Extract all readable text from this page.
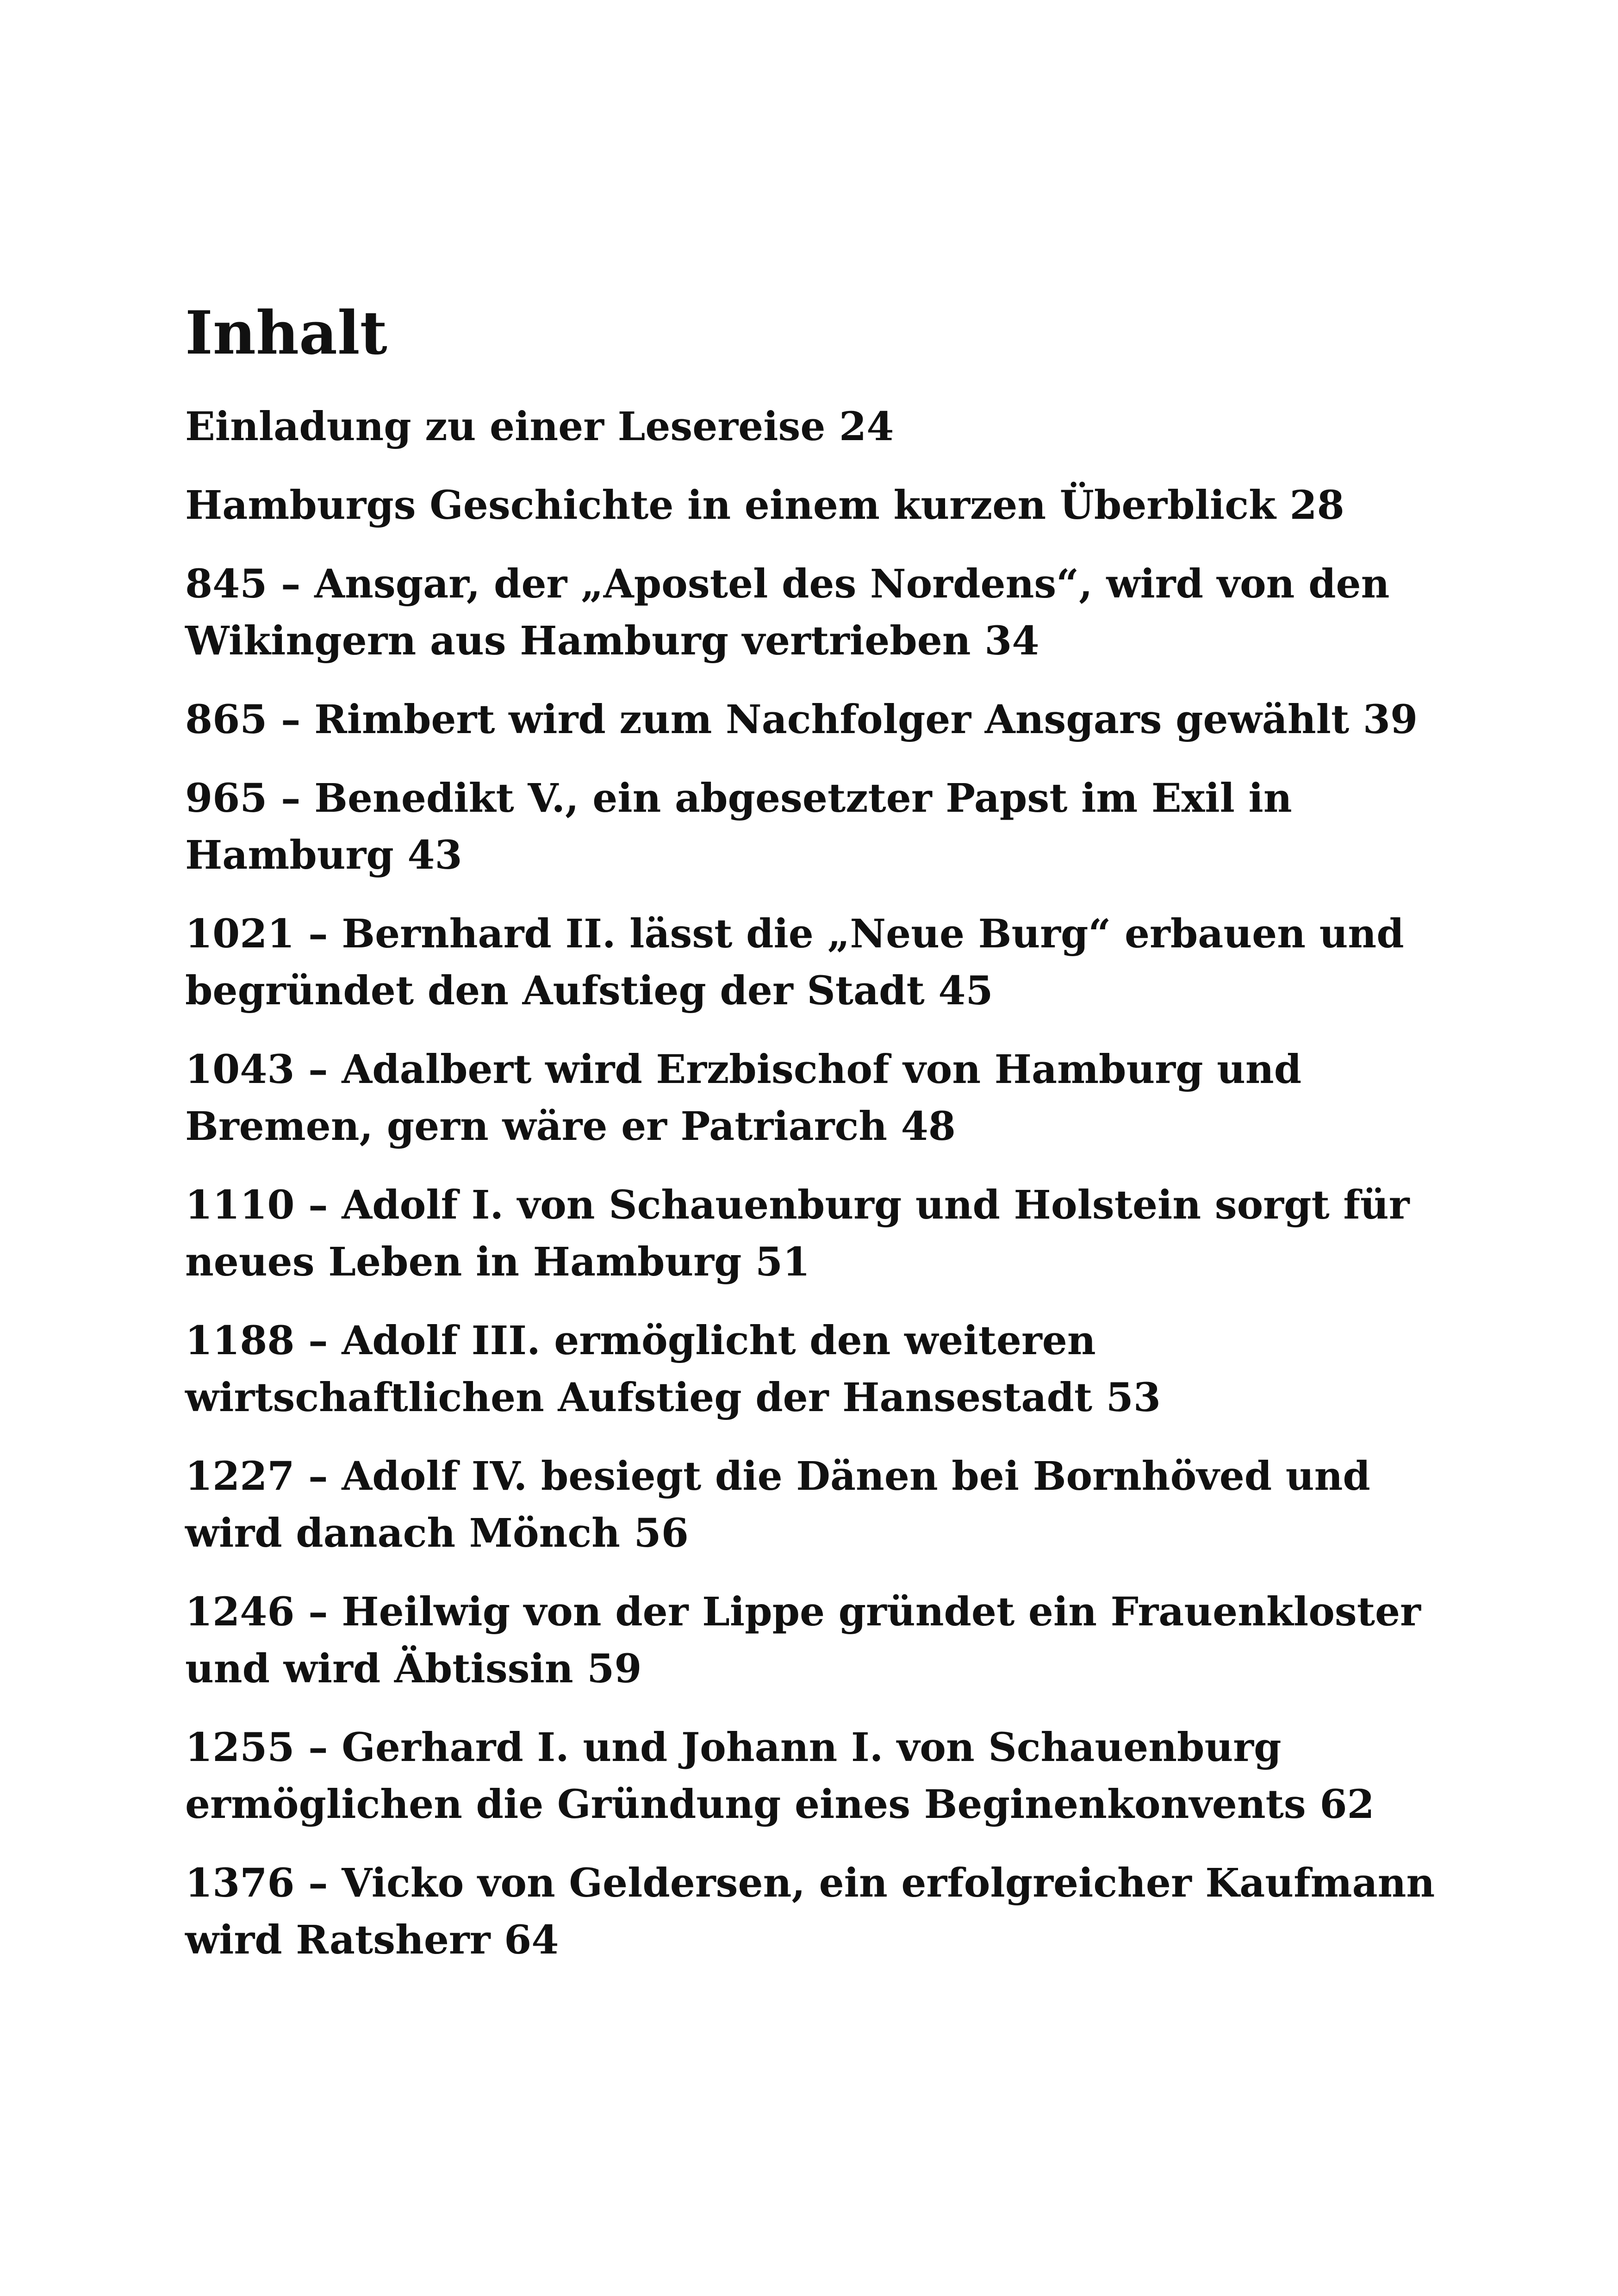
Inhalt
Einladung zu einer Lesereise 24
Hamburgs Geschichte in einem kurzen Überblick 28
845 – Ansgar, der „Apostel des Nordens“, wird von den Wikingern aus Hamburg vertrieben 34
865 – Rimbert wird zum Nachfolger Ansgars gewählt 39
965 – Benedikt V., ein abgesetzter Papst im Exil in Hamburg 43
1021 – Bernhard II. lässt die „Neue Burg“ erbauen und begründet den Aufstieg der Stadt 45
1043 – Adalbert wird Erzbischof von Hamburg und Bremen, gern wäre er Patriarch 48
1110 – Adolf I. von Schauenburg und Holstein sorgt für neues Leben in Hamburg 51
1188 – Adolf III. ermöglicht den weiteren wirtschaftlichen Aufstieg der Hansestadt 53
1227 – Adolf IV. besiegt die Dänen bei Bornhöved und wird danach Mönch 56
1246 – Heilwig von der Lippe gründet ein Frauenkloster und wird Äbtissin 59
1255 – Gerhard I. und Johann I. von Schauenburg ermöglichen die Gründung eines Beginenkonvents 62
1376 – Vicko von Geldersen, ein erfolgreicher Kaufmann wird Ratsherr 64
